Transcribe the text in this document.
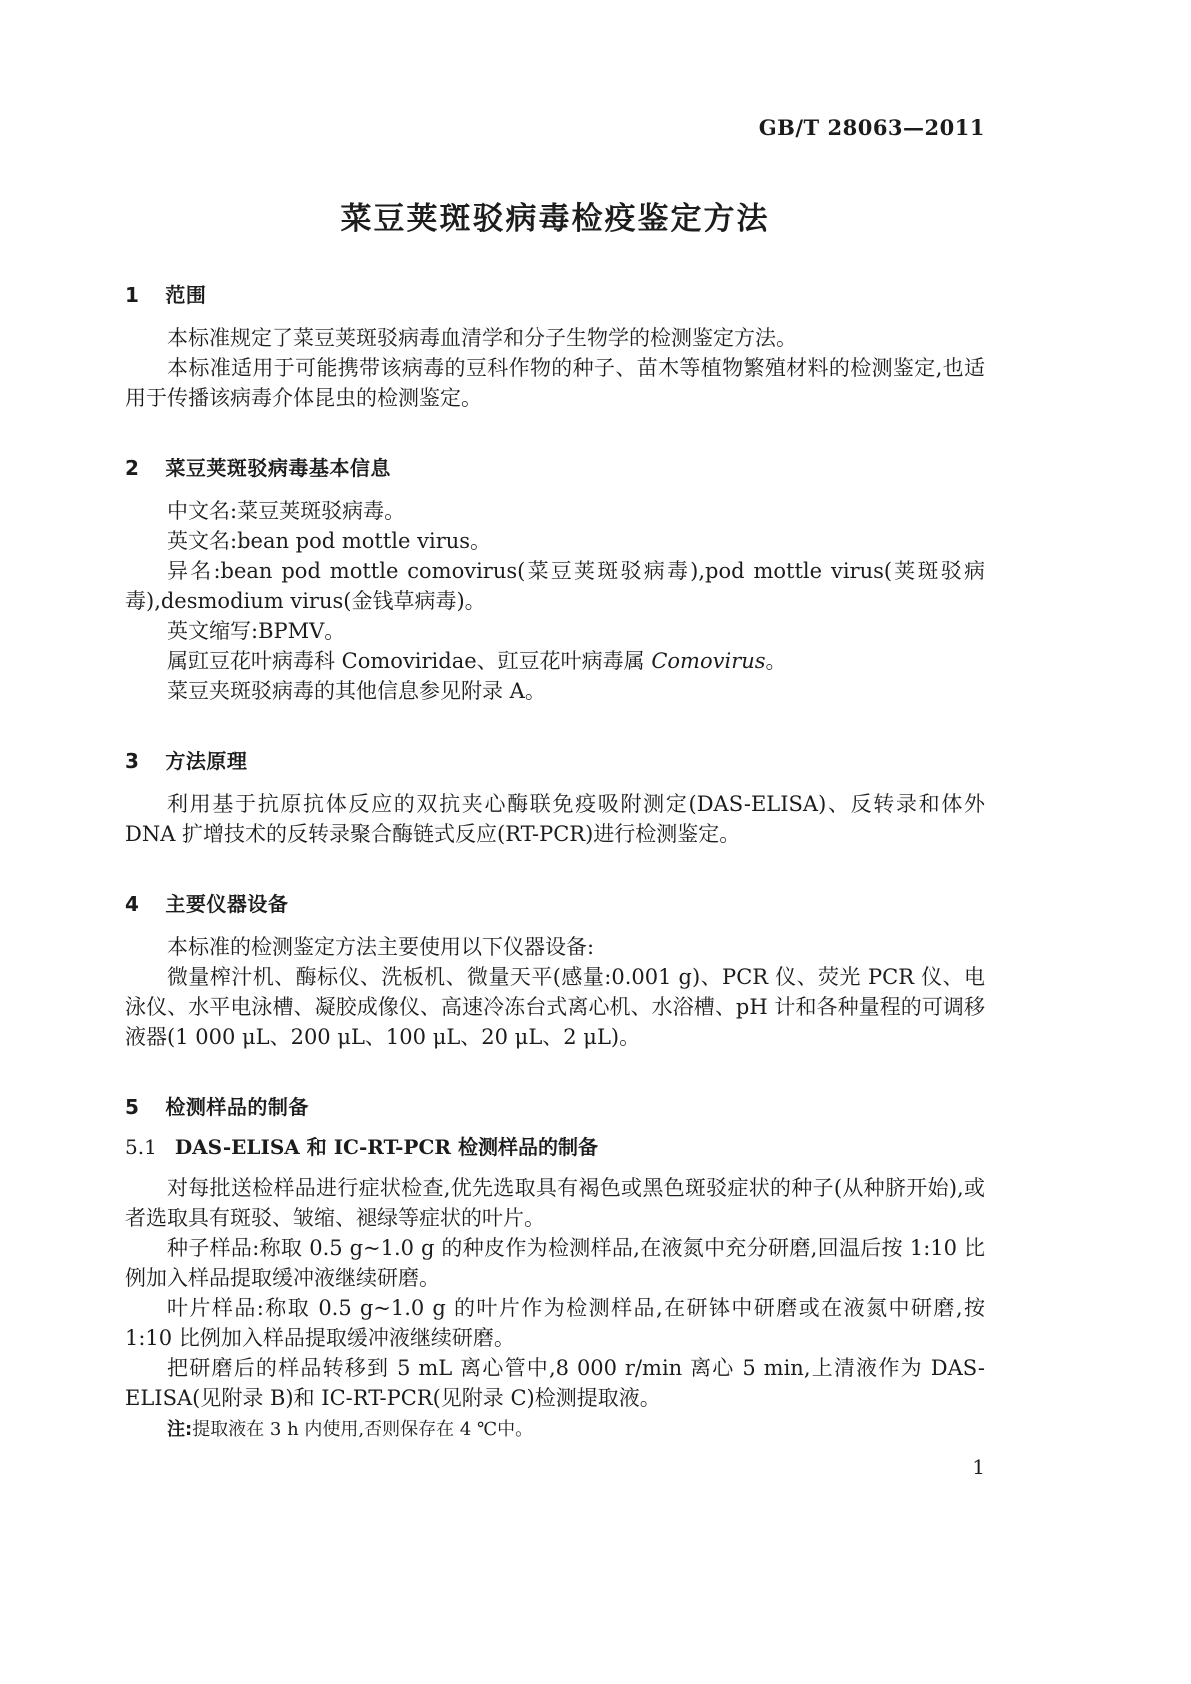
GB/T 28063—2011
菜豆荚斑驳病毒检疫鉴定方法
1 范围

本标准规定了菜豆荚斑驳病毒血清学和分子生物学的检测鉴定方法。

本标准适用于可能携带该病毒的豆科作物的种子、苗木等植物繁殖材料的检测鉴定,也适用于传播该病毒介体昆虫的检测鉴定。

2 菜豆荚斑驳病毒基本信息

中文名:菜豆荚斑驳病毒。

英文名:bean pod mottle virus。

异名:bean pod mottle comovirus(菜豆荚斑驳病毒),pod mottle virus(荚斑驳病毒),desmodium virus(金钱草病毒)。

英文缩写:BPMV。

属豇豆花叶病毒科 Comoviridae、豇豆花叶病毒属 Comovirus。

菜豆夹斑驳病毒的其他信息参见附录 A。

3 方法原理

利用基于抗原抗体反应的双抗夹心酶联免疫吸附测定(DAS-ELISA)、反转录和体外 DNA 扩增技术的反转录聚合酶链式反应(RT-PCR)进行检测鉴定。

4 主要仪器设备

本标准的检测鉴定方法主要使用以下仪器设备:

微量榨汁机、酶标仪、洗板机、微量天平(感量:0.001 g)、PCR 仪、荧光 PCR 仪、电泳仪、水平电泳槽、凝胶成像仪、高速冷冻台式离心机、水浴槽、pH 计和各种量程的可调移液器(1 000 μL、200 μL、100 μL、20 μL、2 μL)。

5 检测样品的制备
5.1 DAS-ELISA 和 IC-RT-PCR 检测样品的制备

对每批送检样品进行症状检查,优先选取具有褐色或黑色斑驳症状的种子(从种脐开始),或者选取具有斑驳、皱缩、褪绿等症状的叶片。

种子样品:称取 0.5 g~1.0 g 的种皮作为检测样品,在液氮中充分研磨,回温后按 1:10 比例加入样品提取缓冲液继续研磨。

叶片样品:称取 0.5 g~1.0 g 的叶片作为检测样品,在研钵中研磨或在液氮中研磨,按 1:10 比例加入样品提取缓冲液继续研磨。

把研磨后的样品转移到 5 mL 离心管中,8 000 r/min 离心 5 min,上清液作为 DAS-ELISA(见附录 B)和 IC-RT-PCR(见附录 C)检测提取液。

注:提取液在 3 h 内使用,否则保存在 4 ℃中。
1
